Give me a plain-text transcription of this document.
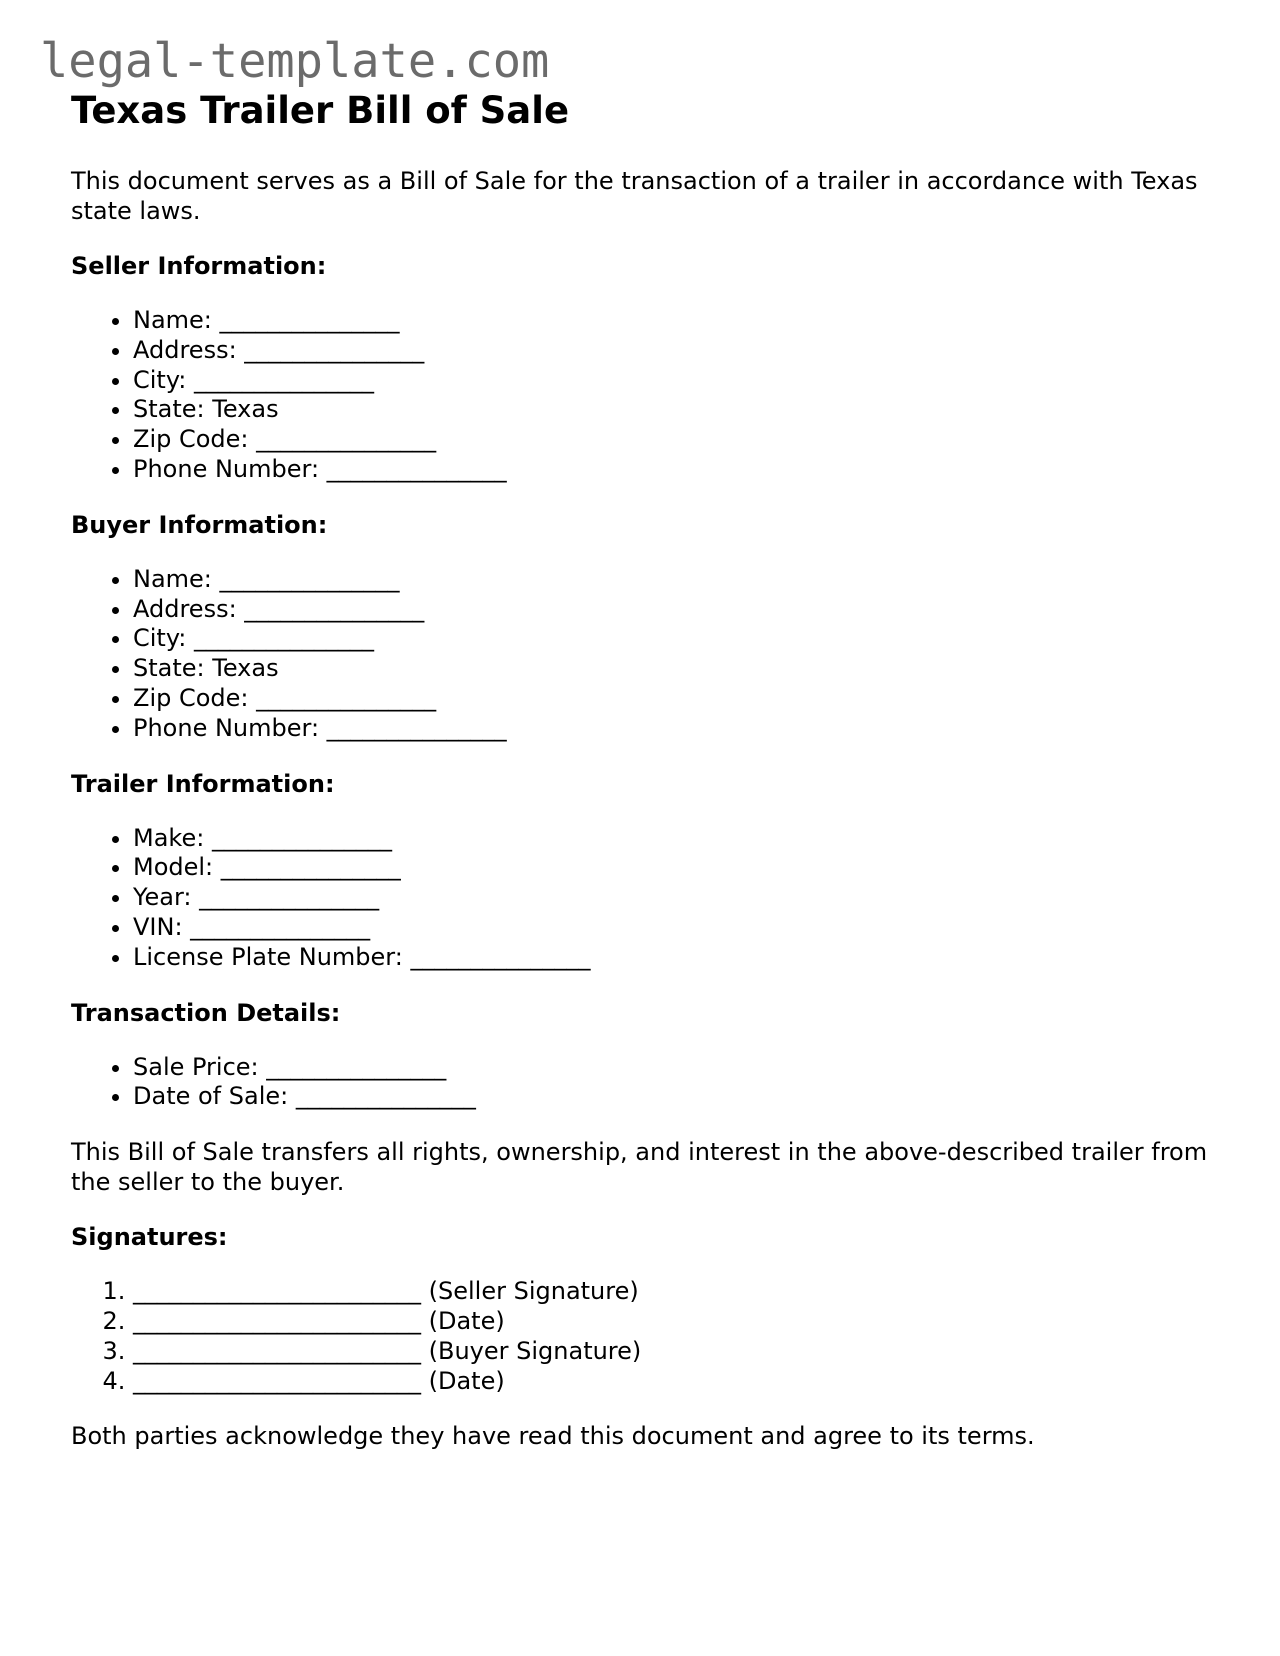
legal-template.com
Texas Trailer Bill of Sale

This document serves as a Bill of Sale for the transaction of a trailer in accordance with Texas state laws.

Seller Information:
• Name: _______________
• Address: _______________
• City: _______________
• State: Texas
• Zip Code: _______________
• Phone Number: _______________
Buyer Information:
• Name: _______________
• Address: _______________
• City: _______________
• State: Texas
• Zip Code: _______________
• Phone Number: _______________
Trailer Information:
• Make: _______________
• Model: _______________
• Year: _______________
• VIN: _______________
• License Plate Number: _______________
Transaction Details:
• Sale Price: _______________
• Date of Sale: _______________

This Bill of Sale transfers all rights, ownership, and interest in the above-described trailer from the seller to the buyer.

Signatures:
1. ________________________ (Seller Signature)
2. ________________________ (Date)
3. ________________________ (Buyer Signature)
4. ________________________ (Date)

Both parties acknowledge they have read this document and agree to its terms.
